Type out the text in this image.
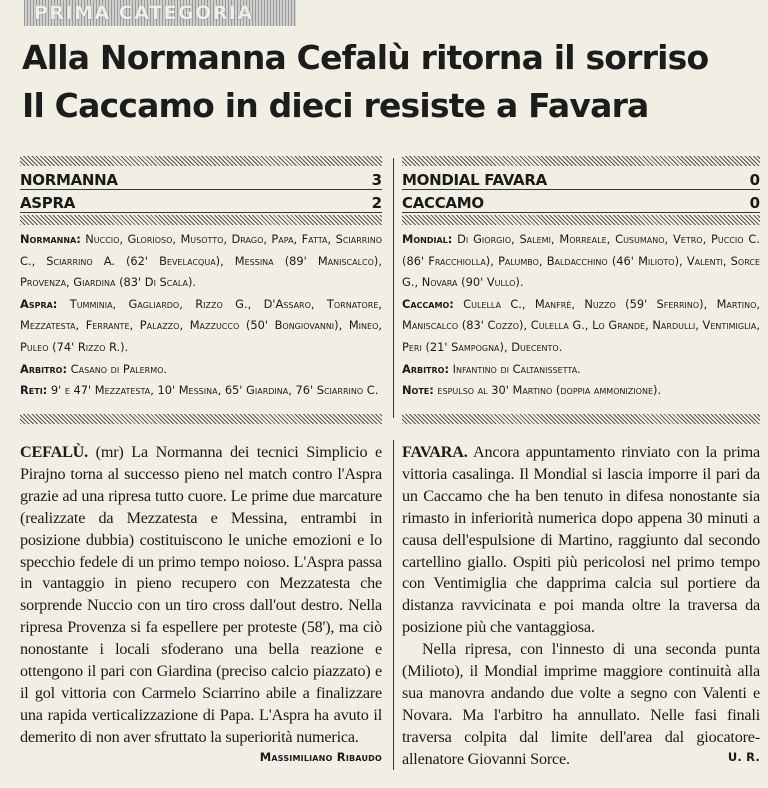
PRIMA CATEGORIA
Alla Normanna Cefalù ritorna il sorriso
Il Caccamo in dieci resiste a Favara
NORMANNA	3
ASPRA	2

Normanna: Nuccio, Glorioso, Musotto, Drago, Papa, Fatta, Sciarrino C., Sciarrino A. (62' Bevelacqua), Messina (89' Maniscalco), Provenza, Giardina (83' Di Scala).

Aspra: Tumminia, Gagliardo, Rizzo G., D'Assaro, Tornatore, Mezzatesta, Ferrante, Palazzo, Mazzucco (50' Bongiovanni), Mineo, Puleo (74' Rizzo R.).

Arbitro: Casano di Palermo.

Reti: 9' e 47' Mezzatesta, 10' Messina, 65' Giardina, 76' Sciarrino C.

MONDIAL FAVARA	0
CACCAMO	0

Mondial: Di Giorgio, Salemi, Morreale, Cusumano, Vetro, Puccio C. (86' Fracchiolla), Palumbo, Baldacchino (46' Milioto), Valenti, Sorce G., Novara (90' Vullo).

Caccamo: Culella C., Manfrè, Nuzzo (59' Sferrino), Martino, Maniscalco (83' Cozzo), Culella G., Lo Grande, Nardulli, Ventimiglia, Peri (21' Sampogna), Duecento.

Arbitro: Infantino di Caltanissetta.

Note: espulso al 30' Martino (doppia ammonizione).

CEFALÙ. (mr) La Normanna dei tecnici Simplicio e Pirajno torna al successo pieno nel match contro l'Aspra grazie ad una ripresa tutto cuore. Le prime due marcature (realizzate da Mezzatesta e Messina, entrambi in posizione dubbia) costituiscono le uniche emozioni e lo specchio fedele di un primo tempo noioso. L'Aspra passa in vantaggio in pieno recupero con Mezzatesta che sorprende Nuccio con un tiro cross dall'out destro. Nella ripresa Provenza si fa espellere per proteste (58'), ma ciò nonostante i locali sfoderano una bella reazione e ottengono il pari con Giardina (preciso calcio piazzato) e il gol vittoria con Carmelo Sciarrino abile a finalizzare una rapida verticalizzazione di Papa. L'Aspra ha avuto il demerito di non aver sfruttato la superiorità numerica.

Massimiliano Ribaudo

FAVARA. Ancora appuntamento rinviato con la prima vittoria casalinga. Il Mondial si lascia imporre il pari da un Caccamo che ha ben tenuto in difesa nonostante sia rimasto in inferiorità numerica dopo appena 30 minuti a causa dell'espulsione di Martino, raggiunto dal secondo cartellino giallo. Ospiti più pericolosi nel primo tempo con Ventimiglia che dapprima calcia sul portiere da distanza ravvicinata e poi manda oltre la traversa da posizione più che vantaggiosa.

Nella ripresa, con l'innesto di una seconda punta (Milioto), il Mondial imprime maggiore continuità alla sua manovra andando due volte a segno con Valenti e Novara. Ma l'arbitro ha annullato. Nelle fasi finali traversa colpita dal limite dell'area dal giocatore-allenatore Giovanni Sorce.	U. R.
